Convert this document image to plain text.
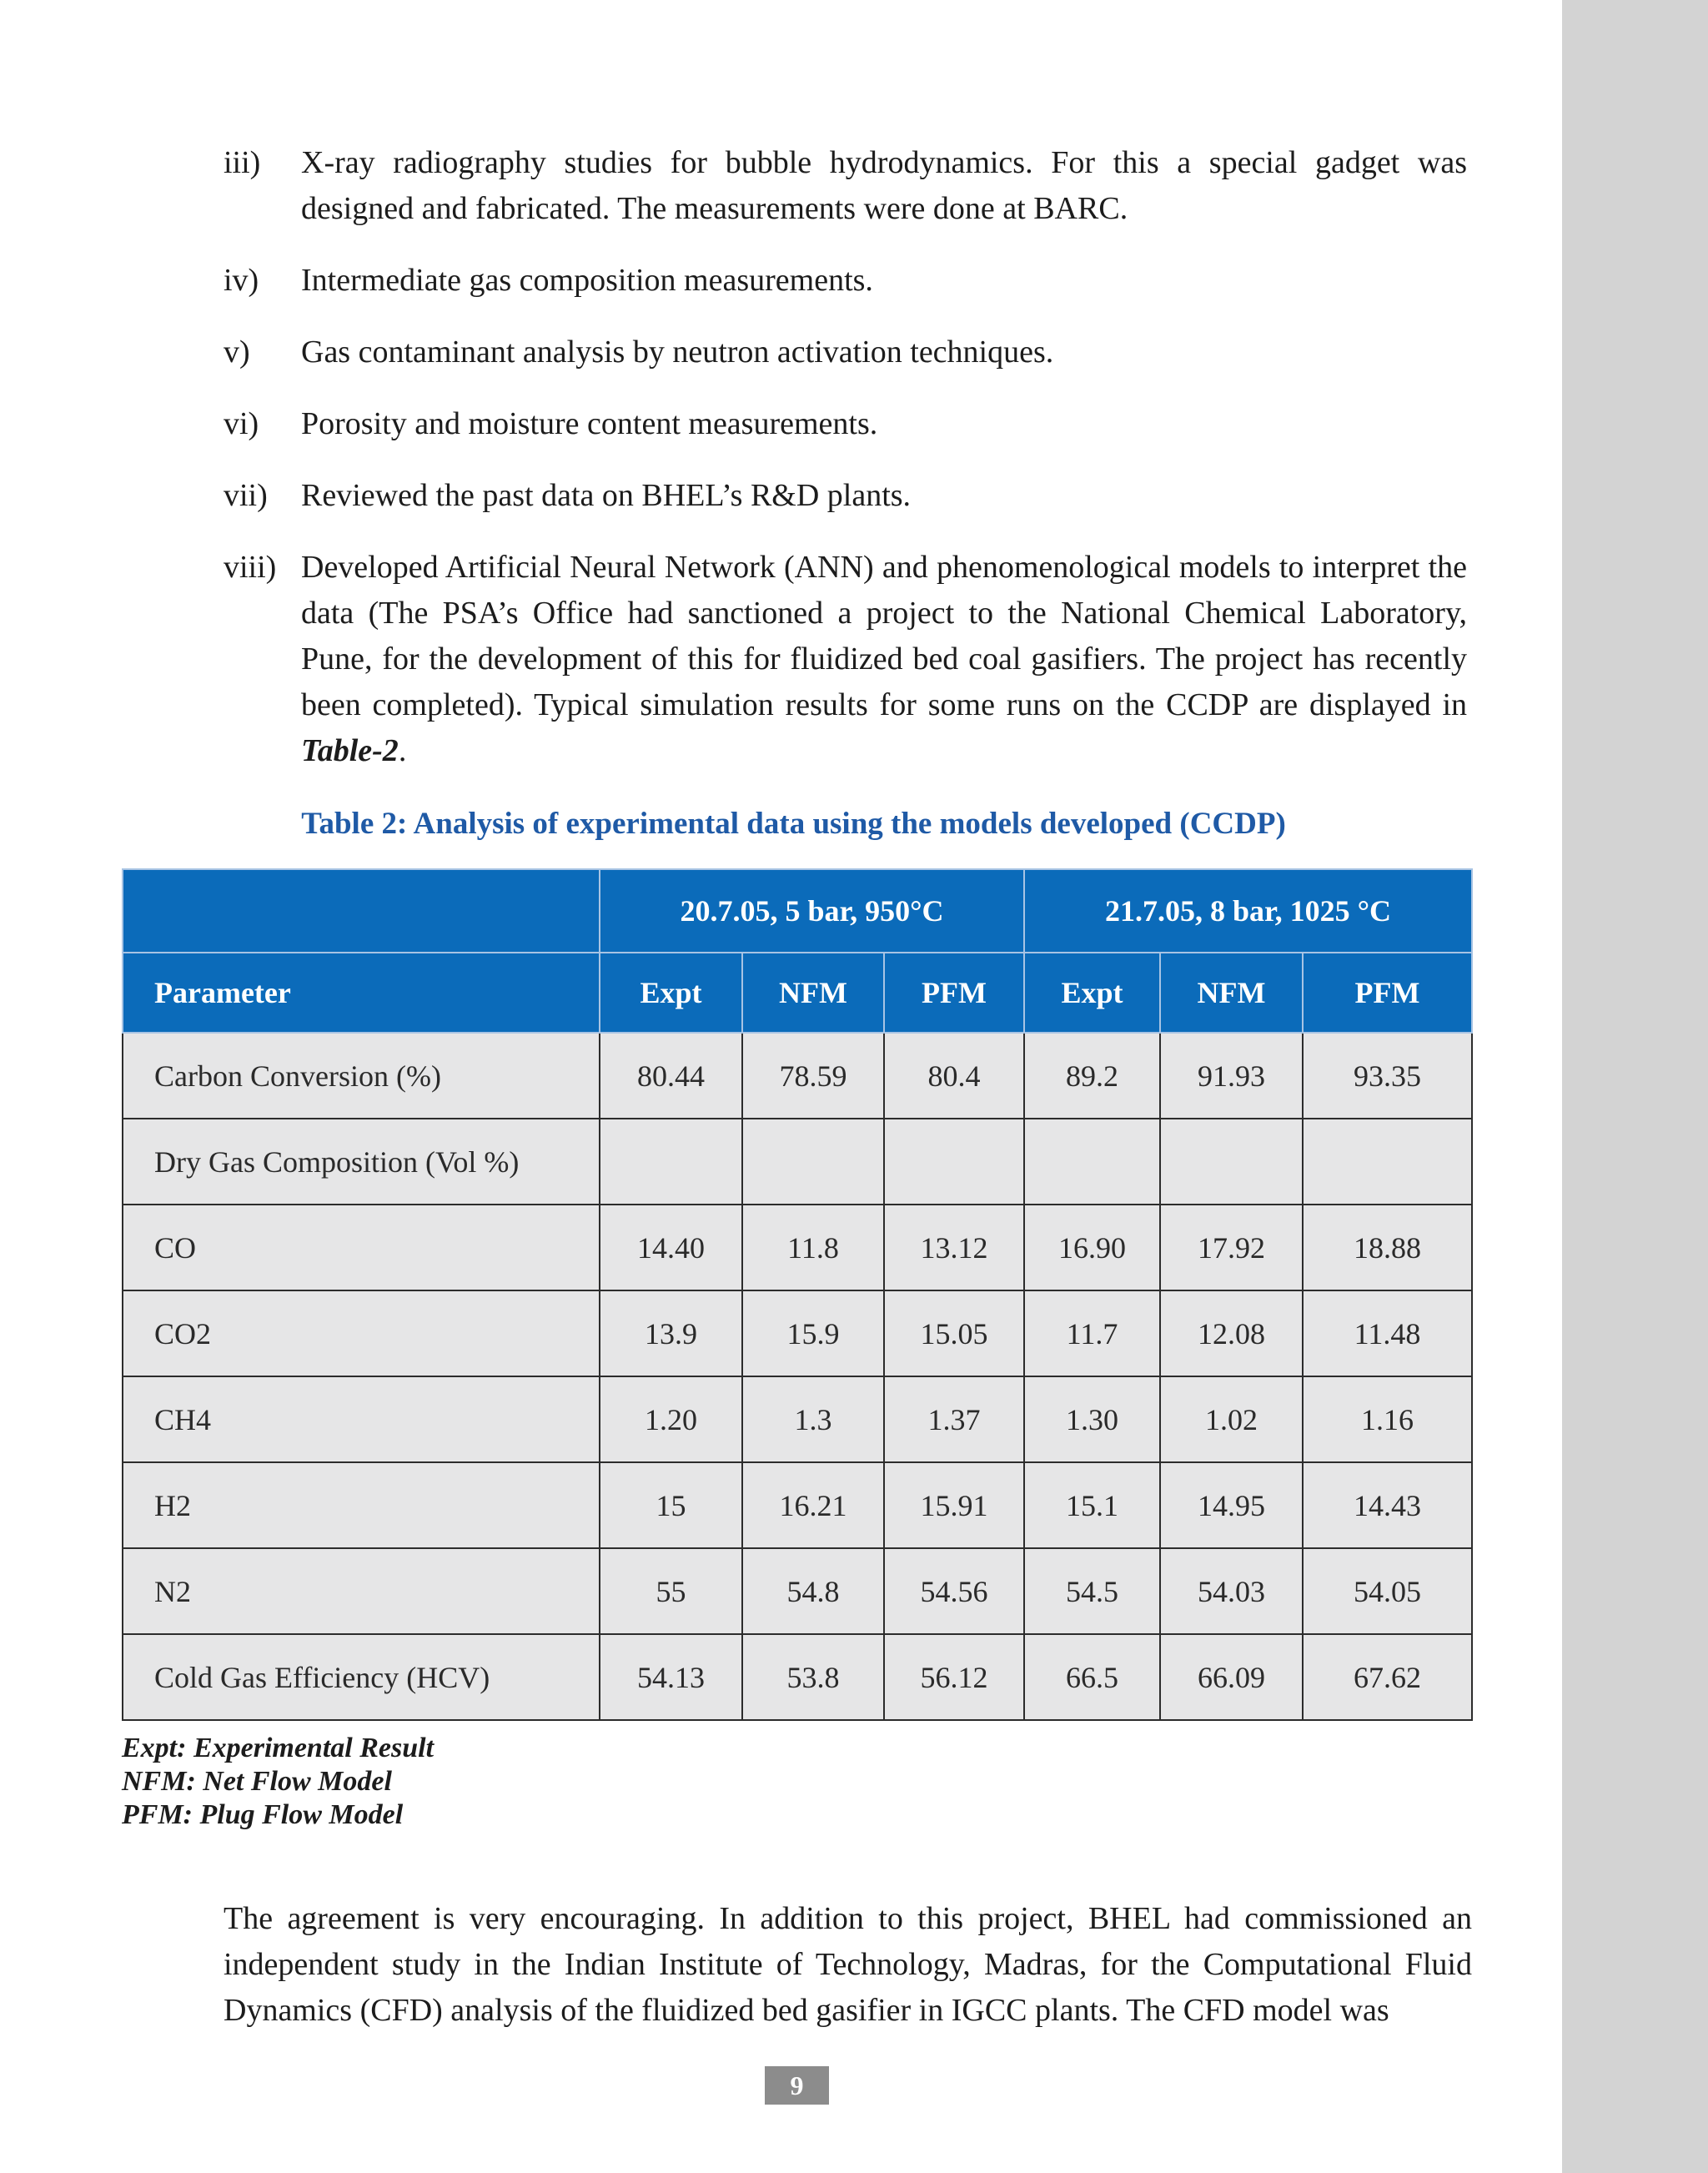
iii)	X-ray radiography studies for bubble hydrodynamics. For this a special gadget was designed and fabricated. The measurements were done at BARC.
iv)	Intermediate gas composition measurements.
v)	Gas contaminant analysis by neutron activation techniques.
vi)	Porosity and moisture content measurements.
vii)	Reviewed the past data on BHEL’s R&D plants.
viii) Developed Artificial Neural Network (ANN) and phenomenological models to interpret the data (The PSA’s Office had sanctioned a project to the National Chemical Laboratory, Pune, for the development of this for fluidized bed coal gasifiers. The project has recently been completed). Typical simulation results for some runs on the CCDP are displayed in Table-2.

Table 2: Analysis of experimental data using the models developed (CCDP)

	20.7.05, 5 bar, 950°C			21.7.05, 8 bar, 1025 °C		
Parameter	Expt	NFM	PFM	Expt	NFM	PFM
Carbon Conversion (%)	80.44	78.59	80.4	89.2	91.93	93.35
Dry Gas Composition (Vol %)						
CO	14.40	11.8	13.12	16.90	17.92	18.88
CO2	13.9	15.9	15.05	11.7	12.08	11.48
CH4	1.20	1.3	1.37	1.30	1.02	1.16
H2	15	16.21	15.91	15.1	14.95	14.43
N2	55	54.8	54.56	54.5	54.03	54.05
Cold Gas Efficiency (HCV)	54.13	53.8	56.12	66.5	66.09	67.62
Expt: Experimental Result
NFM: Net Flow Model
PFM: Plug Flow Model

The agreement is very encouraging. In addition to this project, BHEL had commissioned an independent study in the Indian Institute of Technology, Madras, for the Computational Fluid Dynamics (CFD) analysis of the fluidized bed gasifier in IGCC plants. The CFD model was

9
